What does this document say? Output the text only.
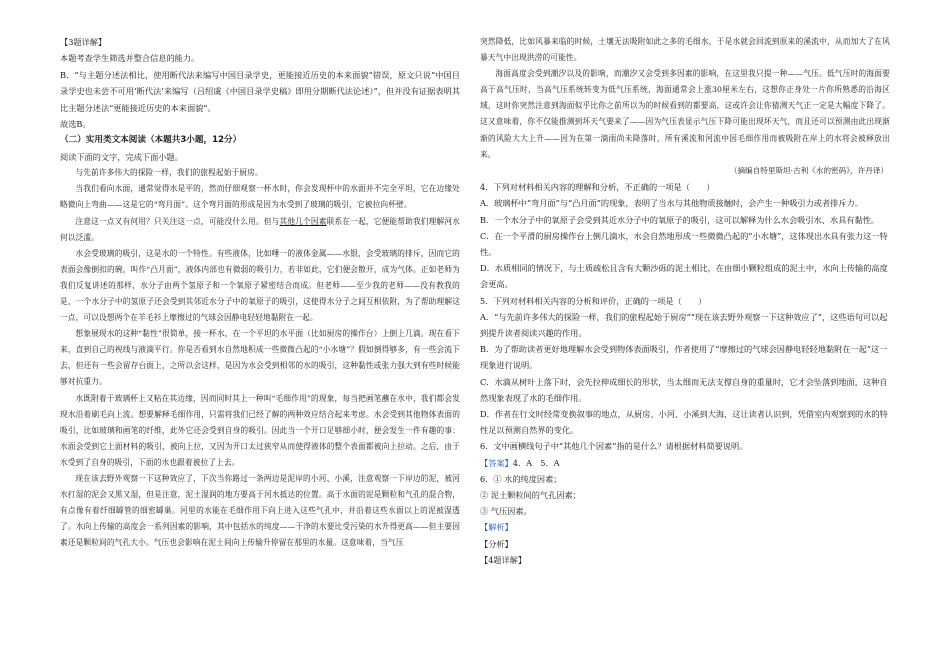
【3题详解】

本题考查学生筛选并整合信息的能力。

B．“与主题分述法相比，使用断代法来编写中国目录学史，更能接近历史的本来面貌”错误，原文只说“中国目录学史也未尝不可用‘断代法’来编写（吕绍虞《中国目录学史稿》即用分期断代法论述）”，但并没有证据表明其比主题分述法“更能接近历史的本来面貌”。

故选B。

（二）实用类文本阅读（本题共3小题，12分）

阅读下面的文字，完成下面小题。

与先前许多伟大的探险一样，我们的旅程起始于厨房。

当我们看向水面，通常觉得水是平的，然而仔细观察一杯水时，你会发现杯中的水面并不完全平坦，它在边缘处略微向上弯曲——这是它的“弯月面”。这个弯月面的形成是因为水受到了玻璃的吸引，它被拉向杯壁。

注意这一点又有何用？只关注这一点，可能没什么用。但与其他几个因素联系在一起，它便能帮助我们理解河水何以泛滥。

水会受玻璃的吸引，这是水的一个特性。有些液体，比如唾一的液体金属——水银，会受玻璃的排斥，因而它的表面会像倒扣的碗，叫作“凸月面”，液体内部也有微弱的吸引力，若非如此，它们便会散开，成为气体。正如老师为我们反复讲述的那样，水分子由两个氢原子和一个氧原子紧密结合而成。但老师——至少我的老师——没有教我的是，一个水分子中的氢原子还会受到其邻近水分子中的氧原子的吸引，这使得水分子之间互相依附，为了帮助理解这一点，可以设想两个在羊毛衫上摩擦过的气球会因静电轻轻地黏附在一起。

想象展现水的这种“黏性”很简单，接一杯水，在一个平坦的水平面（比如厨房的操作台）上倒上几滴。现在看下来，直到自己的视线与液滴平行。你是否看到水自然地积成一些微微凸起的“小水塘”？假如倒得够多，有一些会流下去，但还有一些会留存台面上，之所以会这样，是因为水会受到相邻的水的吸引，这种黏性或张力强大到有些时候能够对抗重力。

水既附着于玻璃杯上又粘在其边缘，因而同时其上一种叫“毛细作用”的现象，每当把画笔蘸在水中，我们都会发现水沿着刷毛向上流。想要解释毛细作用，只需将我们已经了解的两种效应结合起来考虑。水会受到其他物体表面的吸引，比如玻璃和画笔的纤维，此外它还会受到自身的吸引。因此当一个开口足够细小时，便会发生一件有趣的事：水面会受到它上面材料的吸引，被向上拉，又因为开口太过狭窄从而使得液体的整个表面都被向上拉动。之后，由于水受到了自身的吸引，下面的水也跟着被拉了上去。

现在该去野外观察一下这种效应了，下次当你路过一条两边是泥岸的小河、小溪，注意观察一下岸边的泥，被河水打湿的泥会又黑又湿，但是注意，泥土湿润的地方要高于河水抵达的位置。高于水面的泥是颗粒和气孔的混合物，有点像有着纤细罅管的细密罅巢。河里的水能在毛细作用下向上进入这些气孔中，并沿着这些水面以上的泥被湿透了。水向上传输的高度会一系列因素的影响，其中包括水的纯度——干净的水要比受污染的水升得更高——但主要因素还是颗粒间的气孔大小。气压也会影响在泥土间向上传输升停留在那里的水量。这意味着，当气压

突然降低，比如风暴来临的时候，土壤无法吸附如此之多的毛细水，于是水就会回流到原来的溪流中，从而加大了在风暴天气中出现洪涝的可能性。

海面高度会受到潮汐以及的影响，而潮汐又会受到多因素的影响，在这里我只提一种——气压。低气压时的海面要高于高气压时，当高气压系统转变为低气压系统，海面通常会上涨30厘米左右，这想你正身处一片你所熟悉的沿海区域，这时你突然注意到海面似乎比你之前所以为的时候看到的都要高，这或许会让你猜测天气正一定是大幅度下降了。这又意味着，你不仅能推测到坏天气要来了——因为气压表显示气压下降可能出现坏天气，而且还可以预测由此出现渐渐的风险大大上升——因为在第一滴雨尚未降落时，所有溪流和河流中因毛细作用而被吸附在岸上的水将会被释放出来。

（摘编自特里斯坦·古利《水的密码》，许丹译）

4．下列对材料相关内容的理解和分析，不正确的一项是（　　）

A．玻璃杯中“弯月面”与“凸月面”的现象，表明了当水与其他物质接触时，会产生一种吸引力或者排斥力。

B．一个水分子中的氧原子会受到其近水分子中的氧原子的吸引，这可以解释为什么水会吸引水、水具有黏性。

C．在一个平滑的厨房操作台上倒几滴水，水会自然地形成一些微微凸起的“小水塘”，这体现出水具有张力这一特性。

D．水质相同的情况下，与土质疏松且含有大颗沙砾的泥土相比，在由细小颗粒组成的泥土中，水向上传输的高度会更高。

5．下列对材料相关内容的分析和评价，正确的一项是（　　）

A．“与先前许多伟大的探险一样，我们的旅程起始于厨房”“现在该去野外观察一下这种效应了”，这些语句可以起到提升读者阅读兴趣的作用。

B．为了帮助读者更好地理解水会受到物体表面吸引，作者使用了“摩擦过的气球会因静电轻轻地黏附在一起”这一现象进行说明。

C．水滴从树叶上落下时，会先拉伸成细长的形状，当太细而无法支撑自身的重量时，它才会坠落到地面，这种自然现象表现了水的毛细作用。

D．作者在行文时经常变换叙事的地点，从厨房、小河、小溪到大海，这让读者认识到，凭借室内观察到的水的特性足以预测自然界的变化。

6．文中画横线句子中“其他几个因素”指的是什么？请根据材料简要说明。

【答案】4．A　5．A

6．① 水的纯度因素；

② 泥土颗粒间的气孔因素；

③ 气压因素。

【解析】

【分析】

【4题详解】
